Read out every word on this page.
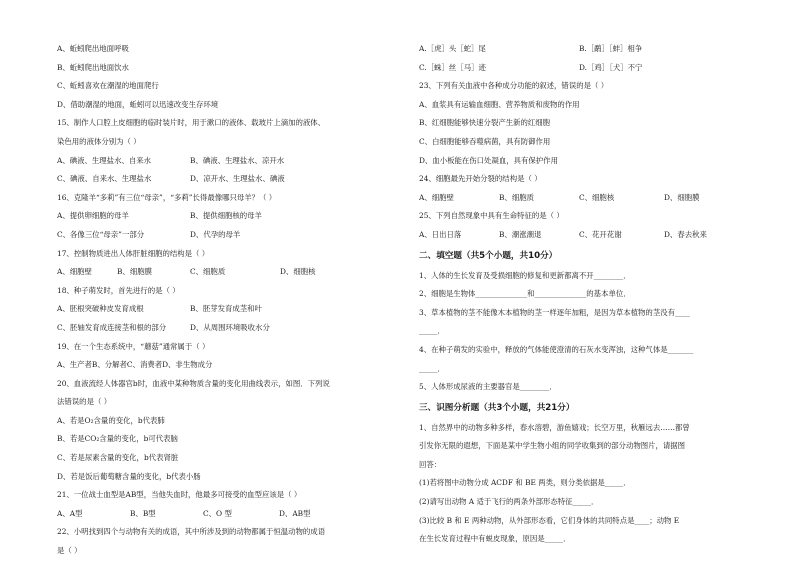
A、蚯蚓爬出地面呼吸
B、蚯蚓爬出地面饮水
C、蚯蚓喜欢在潮湿的地面爬行
D、借助潮湿的地面，蚯蚓可以迅速改变生存环境
15、制作人口腔上皮细胞的临时装片时，用于漱口的液体、载玻片上滴加的液体、
染色用的液体分别为（ ）
A、碘液、生理盐水、自来水	B、碘液、生理盐水、凉开水
C、碘液、自来水、生理盐水	D、凉开水、生理盐水、碘液
16、克隆羊“多莉”有三位“母亲”，“多莉”长得最像哪只母羊？（ ）
A、提供卵细胞的母羊	B、提供细胞核的母羊
C、各像三位“母亲”一部分	D、代孕的母羊
17、控制物质进出人体肝脏细胞的结构是（ ）
A、细胞壁	B、细胞膜	C、细胞质	D、细胞核
18、种子萌发时，首先进行的是（ ）
A、胚根突破种皮发育成根	B、胚芽发育成茎和叶
C、胚轴发育成连接茎和根的部分	D、从周围环境吸收水分
19、在一个生态系统中，“蘑菇”通常属于（ ）
A、生产者B、分解者C、消费者D、非生物成分
20、血液流经人体器官b时，血液中某种物质含量的变化用曲线表示，如图．下列说
法错误的是（ ）
A、若是O₂含量的变化，b代表肺
B、若是CO₂含量的变化，b可代表脑
C、若是尿素含量的变化，b代表肾脏
D、若是饭后葡萄糖含量的变化，b代表小肠
21、一位战士血型是AB型，当他失血时，他最多可接受的血型应该是（ ）
A、A型	B、B型	C、O 型	D、AB型
22、小明找到四个与动物有关的成语，其中所涉及到的动物都属于恒温动物的成语
是（ ）
A.［虎］头［蛇］尾	B.［鹬］［蚌］相争
C.［蛛］丝［马］迹	D.［鸡］［犬］不宁
23、下列有关血液中各种成分功能的叙述，错误的是（ ）
A、血浆具有运输血细胞、营养物质和废物的作用
B、红细胞能够快速分裂产生新的红细胞
C、白细胞能够吞噬病菌，具有防御作用
D、血小板能在伤口处凝血，具有保护作用
24、细胞最先开始分裂的结构是（ ）
A、细胞壁	B、细胞质	C、细胞核	D、细胞膜
25、下列自然现象中具有生命特征的是（ ）
A、日出日落	B、潮涨潮退	C、花开花谢	D、春去秋来
二、填空题（共5个小题，共10分）
1、人体的生长发育及受损细胞的修复和更新都离不开________．
2、细胞是生物体______________和______________的基本单位．
3、草本植物的茎不能像木本植物的茎一样逐年加粗，是因为草本植物的茎没有____
_____．
4、在种子萌发的实验中，释放的气体能使澄清的石灰水变浑浊，这种气体是_______
_____．
5、人体形成尿液的主要器官是________．
三、识图分析题（共3个小题，共21分）
1、自然界中的动物多种多样，春水溶碧，游鱼嬉戏；长空万里，秋雁远去……都曾
引发你无限的遐想，下面是某中学生物小组的同学收集到的部分动物图片，请据图
回答：
(1)若将图中动物分成 ACDF 和 BE 两类，则分类依据是_____．
(2)请写出动物 A 适于飞行的两条外部形态特征_____．
(3)比较 B 和 E 两种动物，从外部形态看，它们身体的共同特点是____；动物 E
在生长发育过程中有蜕皮现象，原因是_____．
